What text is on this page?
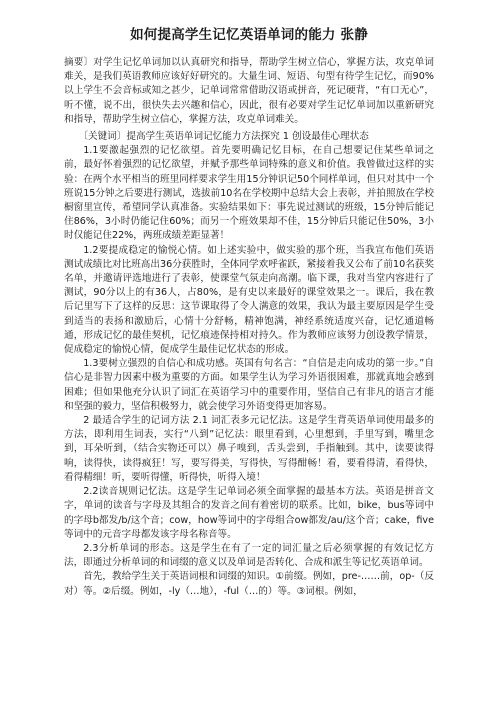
如何提高学生记忆英语单词的能力 张静

摘要〕对学生记忆单词加以认真研究和指导，帮助学生树立信心，掌握方法，攻克单词难关，是我们英语教师应该好好研究的。大量生词、短语、句型有待学生记忆，而90%以上学生不会音标或知之甚少，记单词常常借助汉语或拼音，死记硬背，“有口无心”，听不懂，说不出，很快失去兴趣和信心，因此，很有必要对学生记忆单词加以重新研究和指导，帮助学生树立信心，掌握方法，攻克单词难关。

〔关键词〕提高学生英语单词记忆能力方法探究 1 创设最佳心理状态

1.1要激起强烈的记忆欲望。首先要明确记忆目标，在自己想要记住某些单词之前，最好怀着强烈的记忆欲望，并赋予那些单词特殊的意义和价值。我曾做过这样的实验：在两个水平相当的班里同样要求学生用15分钟识记50个同样单词，但只对其中一个班说15分钟之后要进行测试，选拔前10名在学校期中总结大会上表彰，并拍照放在学校橱窗里宣传，希望同学认真准备。实验结果如下：事先说过测试的班级，15分钟后能记住86%，3小时仍能记住60%；而另一个班效果却不佳，15分钟后只能记住50%，3小时仅能记住22%，两班成绩差距显著！

1.2要提成稳定的愉悦心情。如上述实验中，做实验的那个班，当我宣布他们英语测试成绩比对比班高出36分获胜时，全体同学欢呼雀跃，紧接着我又公布了前10名获奖名单，并邀请评选地进行了表彰，使课堂气氛走向高潮。临下课，我对当堂内容进行了测试，90分以上的有36人，占80%，是有史以来最好的课堂效果之一。课后，我在教后记里写下了这样的反思：这节课取得了令人满意的效果，我认为最主要原因是学生受到适当的表扬和激励后，心情十分舒畅，精神饱满，神经系统适度兴奋，记忆通道畅通，形成记忆的最佳契机，记忆痕迹保持相对持久。作为教师应该努力创设教学情景，促成稳定的愉悦心情，促成学生最佳记忆状态的形成。

1.3要树立强烈的自信心和成功感。英国有句名言：“自信是走向成功的第一步。”自信心是非智力因素中极为重要的方面。如果学生认为学习外语很困难，那就真地会感到困难；但如果他充分认识了词汇在英语学习中的重要作用，坚信自己有非凡的语言才能和坚强的毅力，坚信积极努力，就会使学习外语变得更加容易。

2 最适合学生的记词方法 2.1 词汇表多元记忆法。这是学生背英语单词使用最多的方法，即利用生词表，实行“八到”记忆法：眼里看到，心里想到，手里写到，嘴里念到，耳朵听到，（结合实物还可以）鼻子嗅到，舌头尝到，手指触到。其中，读要读得响，读得快，读得疯狂！写，要写得美，写得快，写得酣畅！看，要看得清，看得快，看得精细！听，要听得懂，听得快，听得入境！

2.2读音规则记忆法。这是学生记单词必须全面掌握的最基本方法。英语是拼音文字，单词的读音与字母及其组合的发音之间有着密切的联系。比如，bike，bus等词中的字母b都发/b/这个音；cow，how等词中的字母组合ow都发/au/这个音；cake，five等词中的元音字母都发该字母名称音等。

2.3分析单词的形态。这是学生在有了一定的词汇量之后必须掌握的有效记忆方法，即通过分析单词的和词缀的意义以及单词是否转化、合成和派生等记忆英语单词。

首先，教给学生关于英语词根和词缀的知识。①前缀。例如，pre-……前，op-（反对）等。②后缀。例如，-ly（…地），-ful（…的）等。③词根。例如，
